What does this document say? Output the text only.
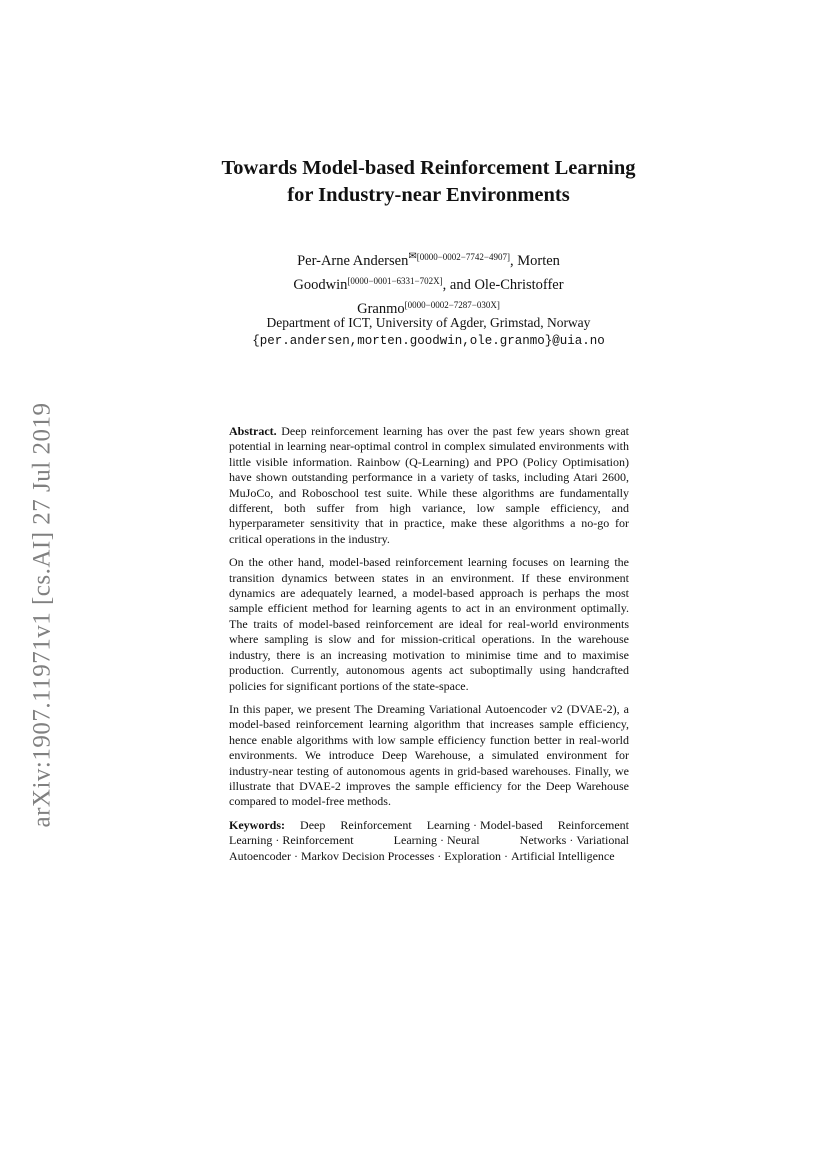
arXiv:1907.11971v1 [cs.AI] 27 Jul 2019
Towards Model-based Reinforcement Learning
for Industry-near Environments
Per-Arne Andersen$^{✉[0000-0002-7742-4907]}$, Morten
Goodwin[0000−0001−6331−702X], and Ole-Christoffer
Granmo[0000−0002−7287−030X]
Department of ICT, University of Agder, Grimstad, Norway
{per.andersen,morten.goodwin,ole.granmo}@uia.no

Abstract. Deep reinforcement learning has over the past few years shown great potential in learning near-optimal control in complex simulated environments with little visible information. Rainbow (Q-Learning) and PPO (Policy Optimisation) have shown outstanding performance in a variety of tasks, including Atari 2600, MuJoCo, and Roboschool test suite. While these algorithms are fundamentally different, both suffer from high variance, low sample efficiency, and hyperparameter sensitivity that in practice, make these algorithms a no-go for critical operations in the industry.

On the other hand, model-based reinforcement learning focuses on learning the transition dynamics between states in an environment. If these environment dynamics are adequately learned, a model-based approach is perhaps the most sample efficient method for learning agents to act in an environment optimally. The traits of model-based reinforcement are ideal for real-world environments where sampling is slow and for mission-critical operations. In the warehouse industry, there is an increasing motivation to minimise time and to maximise production. Currently, autonomous agents act suboptimally using handcrafted policies for significant portions of the state-space.

In this paper, we present The Dreaming Variational Autoencoder v2 (DVAE-2), a model-based reinforcement learning algorithm that increases sample efficiency, hence enable algorithms with low sample efficiency function better in real-world environments. We introduce Deep Warehouse, a simulated environment for industry-near testing of autonomous agents in grid-based warehouses. Finally, we illustrate that DVAE-2 improves the sample efficiency for the Deep Warehouse compared to model-free methods.

Keywords: Deep Reinforcement Learning · Model-based Reinforcement Learning · Reinforcement Learning · Neural Networks · Variational Autoencoder · Markov Decision Processes · Exploration · Artificial Intelligence
